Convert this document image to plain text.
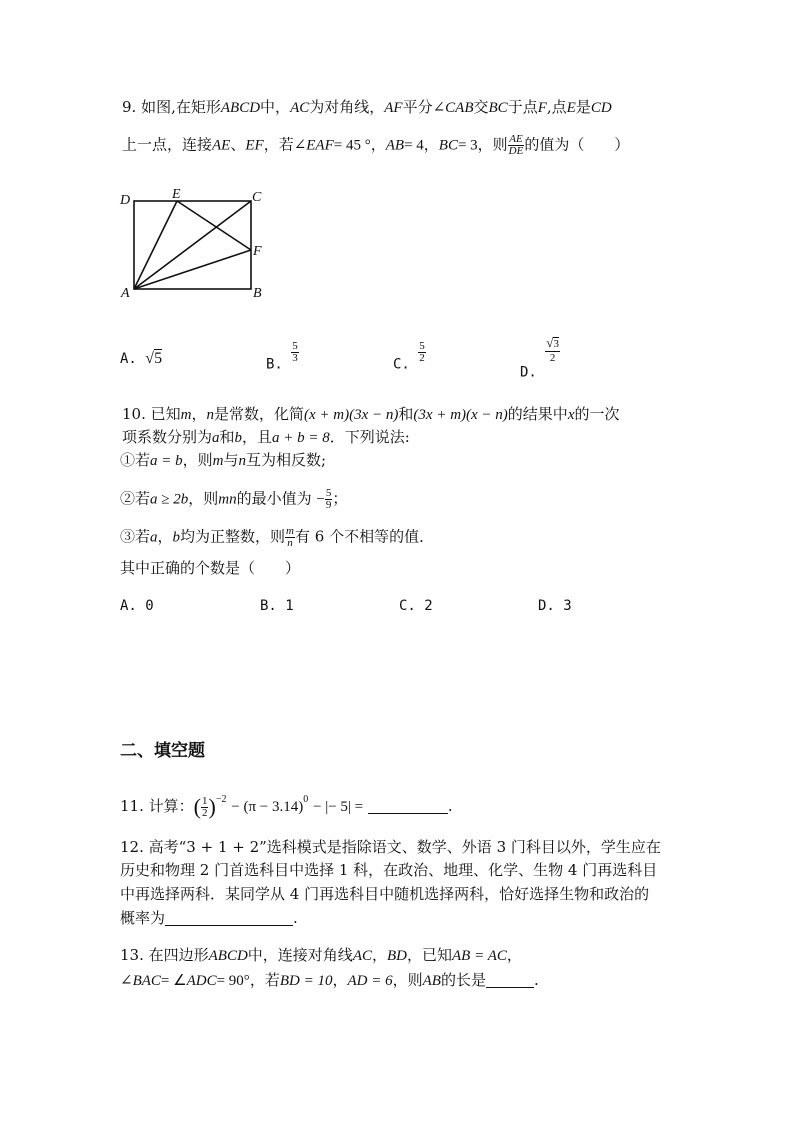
9. 如图,在矩形ABCD中，AC为对角线，AF平分∠CAB交BC于点F,点E是CD
上一点，连接AE、EF，若∠EAF= 45 °，AB= 4，BC= 3，则 $\frac{AE}{DE}$ 的值为（　　）
D	E	C
F
A	B
A. √5	B.
$\frac{5}{3}$
C.
$\frac{5}{2}$
D.
$\frac{√3}{2}$
10. 已知m，n是常数，化简(x + m)(3x − n)和(3x + m)(x − n)的结果中x的一次
项系数分别为a和b，且a + b = 8．下列说法:
①若a = b，则m与n互为相反数;
②若a ≥ 2b，则mn的最小值为 − $\frac{5}{9}$ ；
③若a，b均为正整数，则 $\frac{m}{n}$ 有 6 个不相等的值．
其中正确的个数是（　　）
A. 0	B. 1	C. 2	D. 3
二、填空题
11. 计算：( $\frac{1}{2} )^{-2} - (\pi - 3.14)^0$ − |− 5| =	.
12. 高考“3 + 1 + 2”选科模式是指除语文、数学、外语 3 门科目以外，学生应在
历史和物理 2 门首选科目中选择 1 科，在政治、地理、化学、生物 4 门再选科目
中再选择两科．某同学从 4 门再选科目中随机选择两科，恰好选择生物和政治的
概率为	.
13. 在四边形ABCD中，连接对角线AC，BD，已知AB = AC，
∠BAC= ∠ADC= 90°，若BD = 10，AD = 6，则AB的长是	.
